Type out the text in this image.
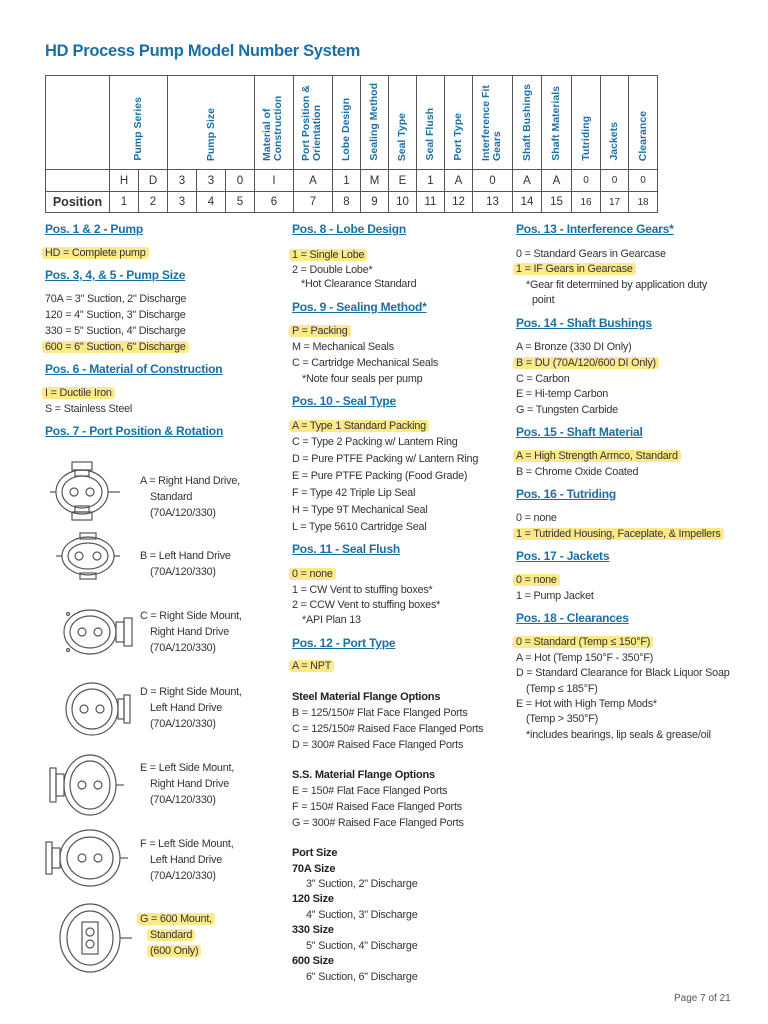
HD Process Pump Model Number System
	Pump Series		Pump Size			Material of Construction	Port Position & Orientation	Lobe Design	Sealing Method	Seal Type	Seal Flush	Port Type	Interference Fit Gears	Shaft Bushings	Shaft Materials	Tutriding	Jackets	Clearance
	H	D	3	3	0	I	A	1	M	E	1	A	0	A	A	0	0	0
Position	1	2	3	4	5	6	7	8	9	10	11	12	13	14	15	16	17	18
Pos. 1 & 2 - Pump
HD = Complete pump
Pos. 3, 4, & 5 - Pump Size
70A = 3" Suction, 2" Discharge
120 = 4" Suction, 3" Discharge
330 = 5" Suction, 4" Discharge
600 = 6" Suction, 6" Discharge
Pos. 6 - Material of Construction
I = Ductile Iron
S = Stainless Steel
Pos. 7 - Port Position & Rotation
A = Right Hand Drive,
Standard
(70A/120/330)
B = Left Hand Drive
(70A/120/330)
C = Right Side Mount,
Right Hand Drive
(70A/120/330)
D = Right Side Mount,
Left Hand Drive
(70A/120/330)
E = Left Side Mount,
Right Hand Drive
(70A/120/330)
F = Left Side Mount,
Left Hand Drive
(70A/120/330)
G = 600 Mount,
Standard
(600 Only)
Pos. 8 - Lobe Design
1 = Single Lobe
2 = Double Lobe*
*Hot Clearance Standard
Pos. 9 - Sealing Method*
P = Packing
M = Mechanical Seals
C = Cartridge Mechanical Seals
*Note four seals per pump
Pos. 10 - Seal Type
A = Type 1 Standard Packing
C = Type 2 Packing w/ Lantern Ring
D = Pure PTFE Packing w/ Lantern Ring
E = Pure PTFE Packing (Food Grade)
F = Type 42 Triple Lip Seal
H = Type 9T Mechanical Seal
L = Type 5610 Cartridge Seal
Pos. 11 - Seal Flush
0 = none
1 = CW Vent to stuffing boxes*
2 = CCW Vent to stuffing boxes*
*API Plan 13
Pos. 12 - Port Type
A = NPT
Steel Material Flange Options
B = 125/150# Flat Face Flanged Ports
C = 125/150# Raised Face Flanged Ports
D = 300# Raised Face Flanged Ports
S.S. Material Flange Options
E = 150# Flat Face Flanged Ports
F = 150# Raised Face Flanged Ports
G = 300# Raised Face Flanged Ports
Port Size
70A Size
3" Suction, 2" Discharge
120 Size
4" Suction, 3" Discharge
330 Size
5" Suction, 4" Discharge
600 Size
6" Suction, 6" Discharge
Pos. 13 - Interference Gears*
0 = Standard Gears in Gearcase
1 = IF Gears in Gearcase
*Gear fit determined by application duty
point
Pos. 14 - Shaft Bushings
A = Bronze (330 DI Only)
B = DU (70A/120/600 DI Only)
C = Carbon
E = Hi-temp Carbon
G = Tungsten Carbide
Pos. 15 - Shaft Material
A = High Strength Armco, Standard
B = Chrome Oxide Coated
Pos. 16 - Tutriding
0 = none
1 = Tutrided Housing, Faceplate, & Impellers
Pos. 17 - Jackets
0 = none
1 = Pump Jacket
Pos. 18 - Clearances
0 = Standard (Temp ≤ 150°F)
A = Hot (Temp 150°F - 350°F)
D = Standard Clearance for Black Liquor Soap
(Temp ≤ 185°F)
E = Hot with High Temp Mods*
(Temp > 350°F)
*includes bearings, lip seals & grease/oil
Page 7 of 21
